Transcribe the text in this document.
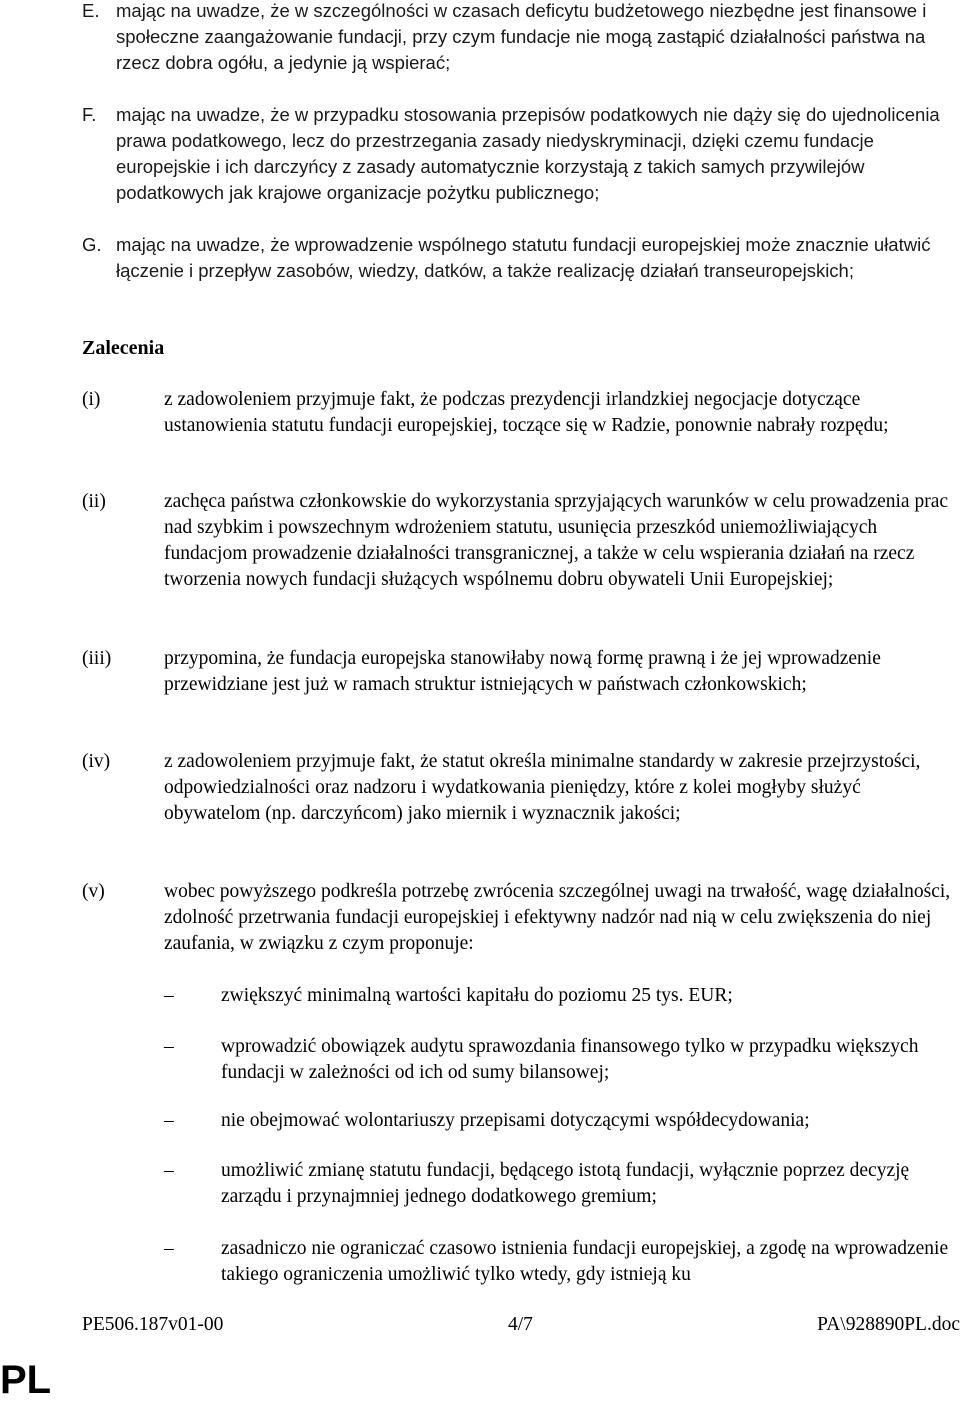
E. mając na uwadze, że w szczególności w czasach deficytu budżetowego niezbędne jest finansowe i społeczne zaangażowanie fundacji, przy czym fundacje nie mogą zastąpić działalności państwa na rzecz dobra ogółu, a jedynie ją wspierać;
F. mając na uwadze, że w przypadku stosowania przepisów podatkowych nie dąży się do ujednolicenia prawa podatkowego, lecz do przestrzegania zasady niedyskryminacji, dzięki czemu fundacje europejskie i ich darczyńcy z zasady automatycznie korzystają z takich samych przywilejów podatkowych jak krajowe organizacje pożytku publicznego;
G. mając na uwadze, że wprowadzenie wspólnego statutu fundacji europejskiej może znacznie ułatwić łączenie i przepływ zasobów, wiedzy, datków, a także realizację działań transeuropejskich;
Zalecenia
(i)	z zadowoleniem przyjmuje fakt, że podczas prezydencji irlandzkiej negocjacje dotyczące ustanowienia statutu fundacji europejskiej, toczące się w Radzie, ponownie nabrały rozpędu;
(ii)	zachęca państwa członkowskie do wykorzystania sprzyjających warunków w celu prowadzenia prac nad szybkim i powszechnym wdrożeniem statutu, usunięcia przeszkód uniemożliwiających fundacjom prowadzenie działalności transgranicznej, a także w celu wspierania działań na rzecz tworzenia nowych fundacji służących wspólnemu dobru obywateli Unii Europejskiej;
(iii)	przypomina, że fundacja europejska stanowiłaby nową formę prawną i że jej wprowadzenie przewidziane jest już w ramach struktur istniejących w państwach członkowskich;
(iv)	z zadowoleniem przyjmuje fakt, że statut określa minimalne standardy w zakresie przejrzystości, odpowiedzialności oraz nadzoru i wydatkowania pieniędzy, które z kolei mogłyby służyć obywatelom (np. darczyńcom) jako miernik i wyznacznik jakości;
(v)	wobec powyższego podkreśla potrzebę zwrócenia szczególnej uwagi na trwałość, wagę działalności, zdolność przetrwania fundacji europejskiej i efektywny nadzór nad nią w celu zwiększenia do niej zaufania, w związku z czym proponuje:
– zwiększyć minimalną wartości kapitału do poziomu 25 tys. EUR;
– wprowadzić obowiązek audytu sprawozdania finansowego tylko w przypadku większych fundacji w zależności od ich od sumy bilansowej;
– nie obejmować wolontariuszy przepisami dotyczącymi współdecydowania;
– umożliwić zmianę statutu fundacji, będącego istotą fundacji, wyłącznie poprzez decyzję zarządu i przynajmniej jednego dodatkowego gremium;
– zasadniczo nie ograniczać czasowo istnienia fundacji europejskiej, a zgodę na wprowadzenie takiego ograniczenia umożliwić tylko wtedy, gdy istnieją ku
PE506.187v01-00	4/7	PA\928890PL.doc
PL
